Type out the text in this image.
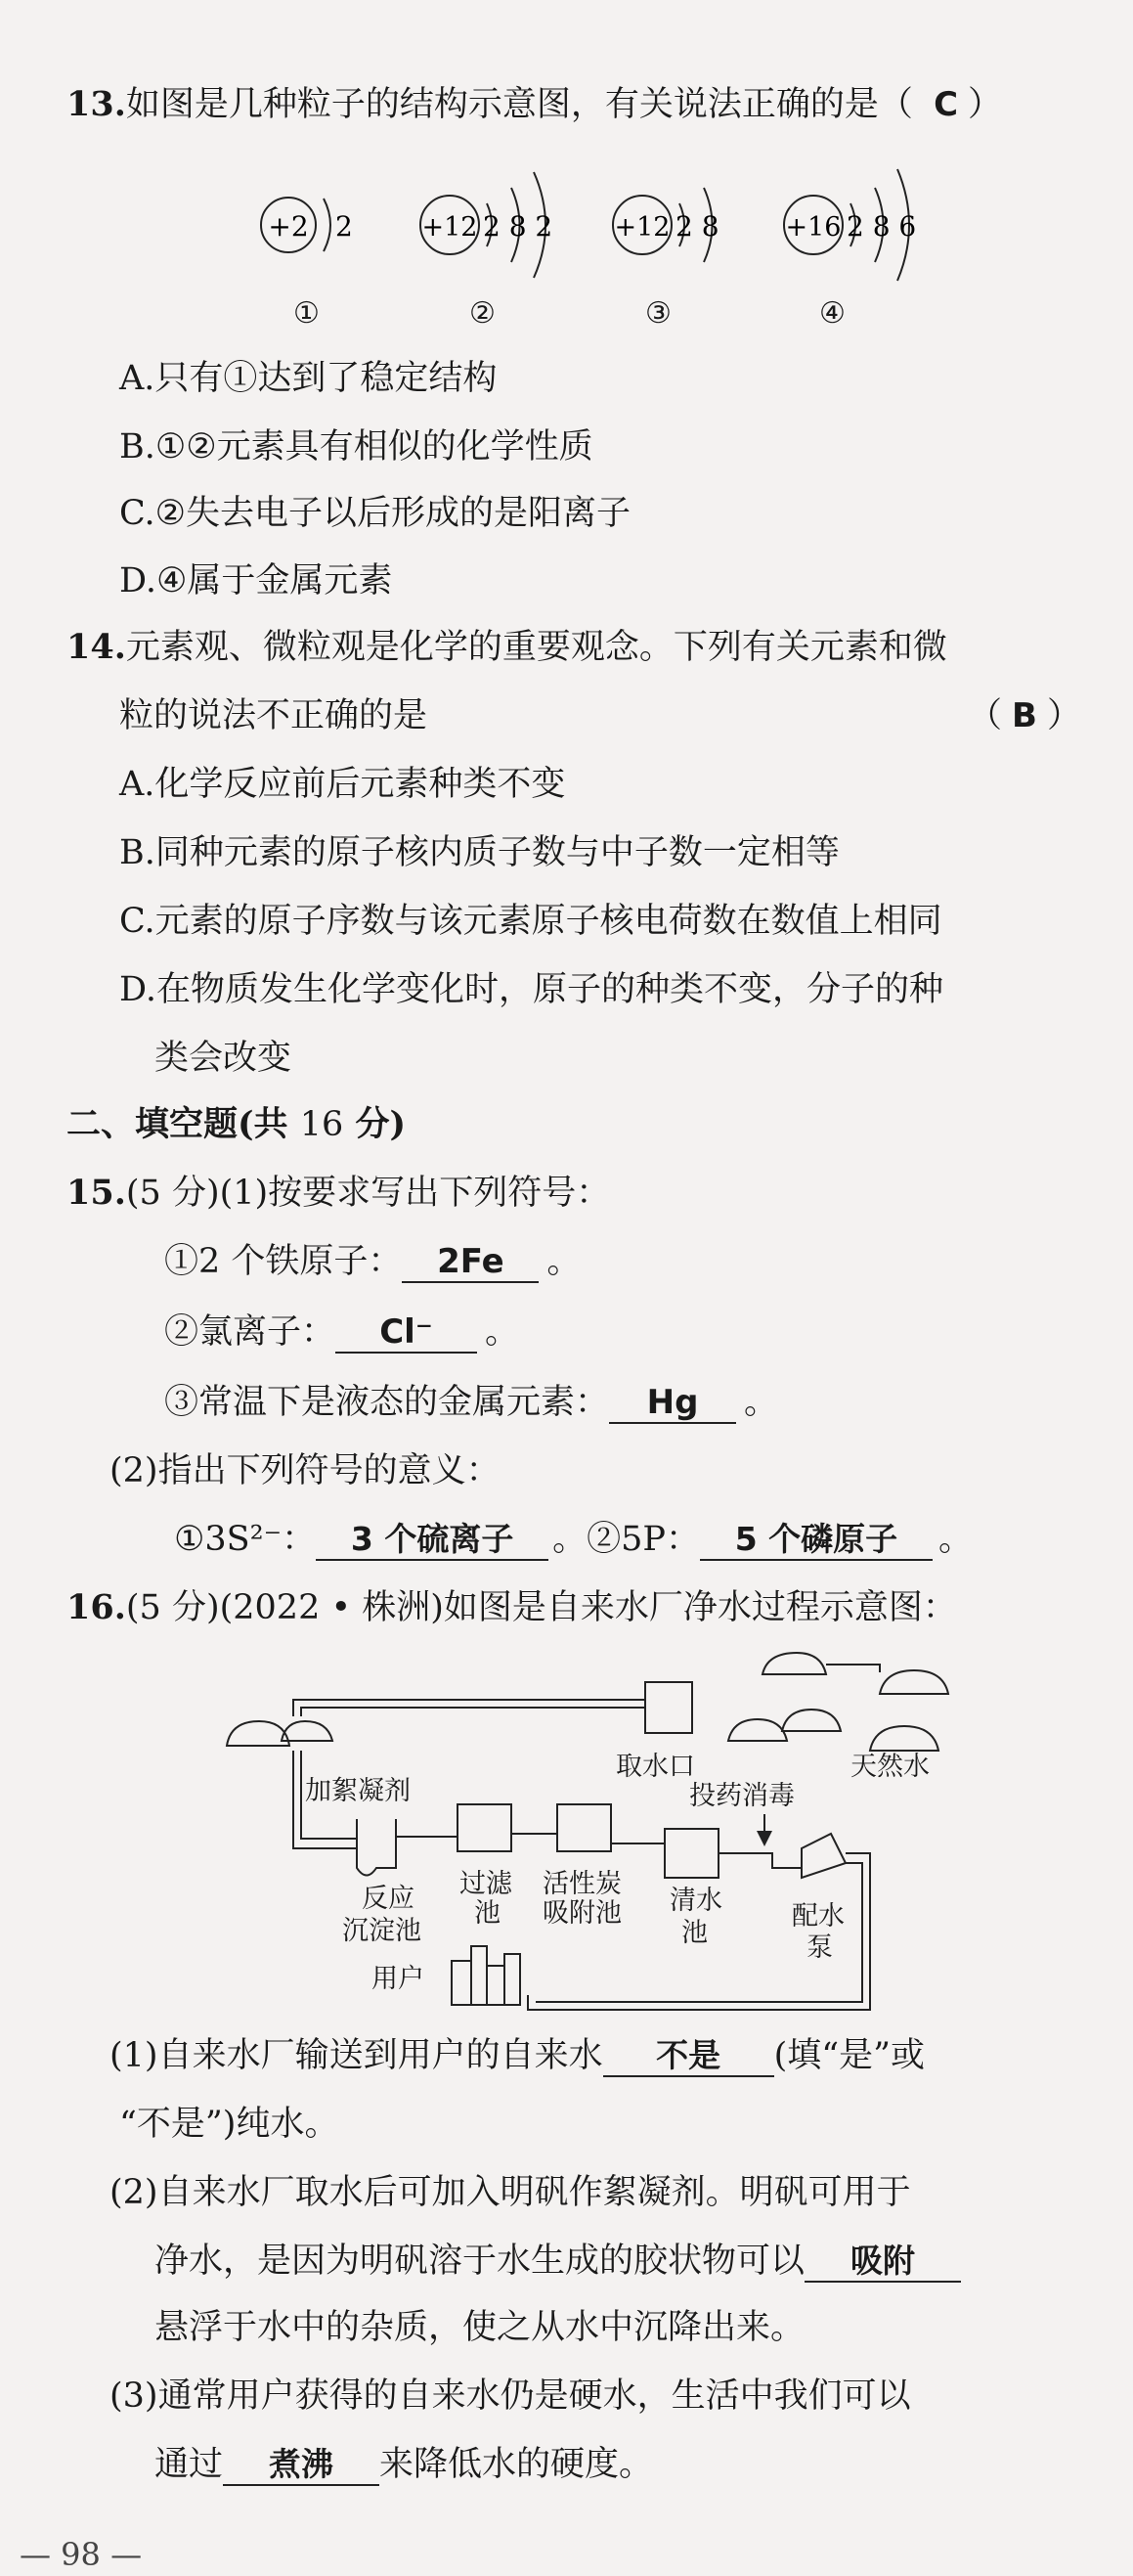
13.如图是几种粒子的结构示意图，有关说法正确的是（ C ）
+2 2	+12 2 8 2 +12 2 8	+16 2 8 6
①	②	③	④
A.只有①达到了稳定结构
B.①②元素具有相似的化学性质
C.②失去电子以后形成的是阳离子
D.④属于金属元素
14.元素观、微粒观是化学的重要观念。下列有关元素和微
粒的说法不正确的是	（ B ）
A.化学反应前后元素种类不变
B.同种元素的原子核内质子数与中子数一定相等
C.元素的原子序数与该元素原子核电荷数在数值上相同
D.在物质发生化学变化时，原子的种类不变，分子的种
类会改变
二、填空题(共 16 分)
15.(5 分)(1)按要求写出下列符号：
①2 个铁原子： 2Fe 。
②氯离子： Cl⁻ 。
③常温下是液态的金属元素： Hg 。
(2)指出下列符号的意义：
①3S²⁻： 3 个硫离子 。②5P： 5 个磷原子 。
16.(5 分)(2022 • 株洲)如图是自来水厂净水过程示意图：
取水口	天然水
加絮凝剂
反应
沉淀池
过滤
池
活性炭
吸附池 清水
池
投药消毒
配水
泵
用户
(1)自来水厂输送到用户的自来水 不是 (填“是”或
“不是”)纯水。
(2)自来水厂取水后可加入明矾作絮凝剂。明矾可用于
净水，是因为明矾溶于水生成的胶状物可以 吸附
悬浮于水中的杂质，使之从水中沉降出来。
(3)通常用户获得的自来水仍是硬水，生活中我们可以
通过 煮沸 来降低水的硬度。
— 98 —
